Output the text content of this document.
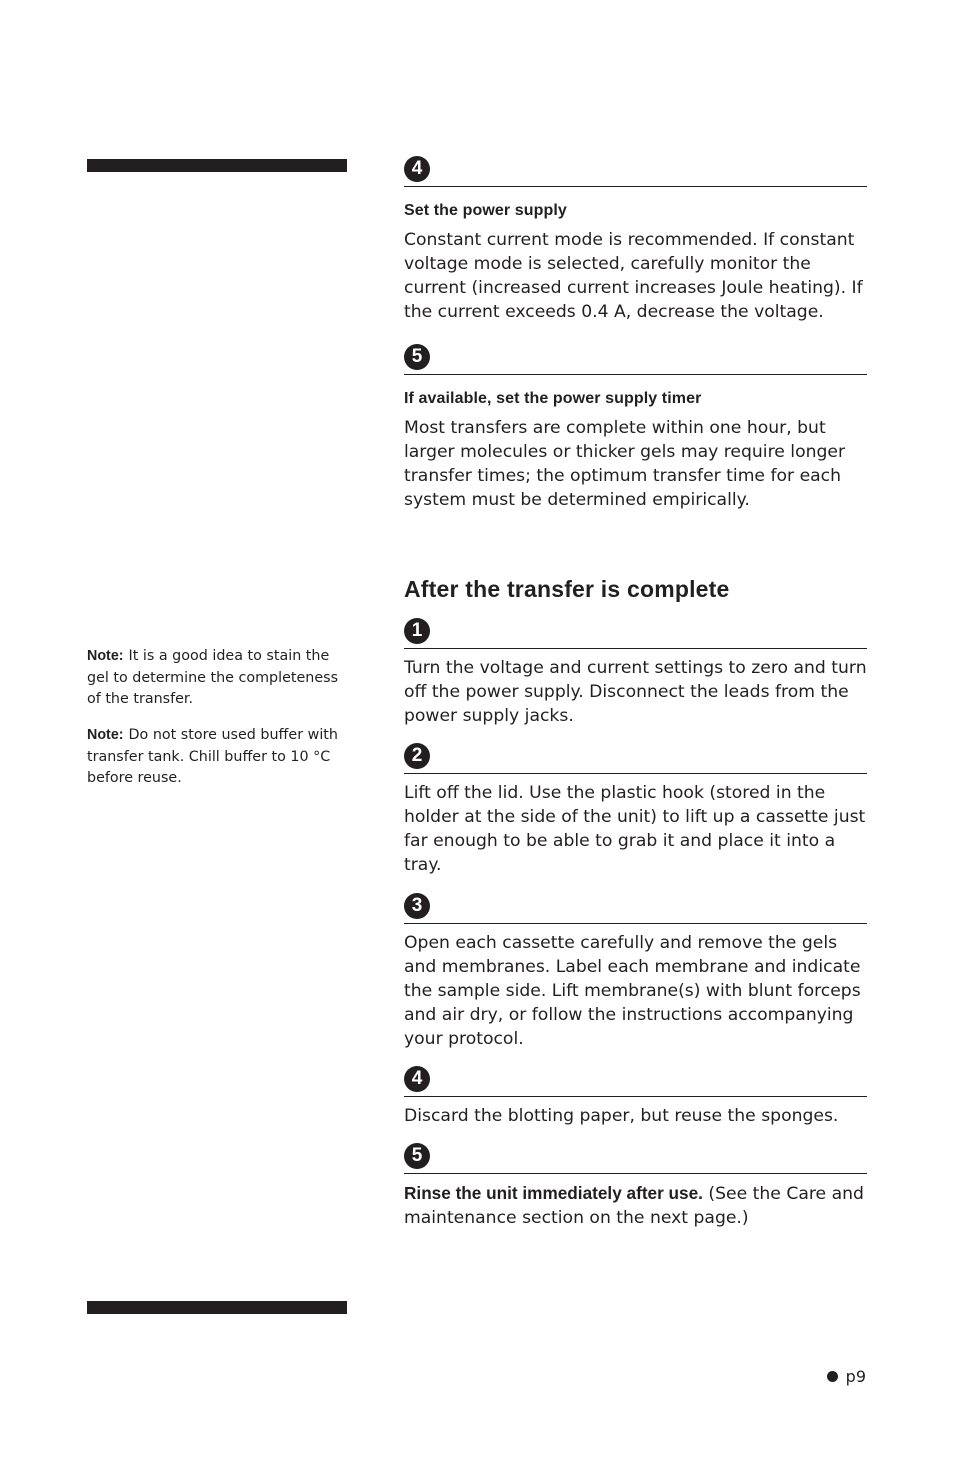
4

Set the power supply

Constant current mode is recommended. If constant voltage mode is selected, carefully monitor the current (increased current increases Joule heating). If the current exceeds 0.4 A, decrease the voltage.

5

If available, set the power supply timer

Most transfers are complete within one hour, but larger molecules or thicker gels may require longer transfer times; the optimum transfer time for each system must be determined empirically.

After the transfer is complete
1

Turn the voltage and current settings to zero and turn off the power supply. Disconnect the leads from the power supply jacks.

2

Lift off the lid. Use the plastic hook (stored in the holder at the side of the unit) to lift up a cassette just far enough to be able to grab it and place it into a tray.

3

Open each cassette carefully and remove the gels and membranes. Label each membrane and indicate the sample side. Lift membrane(s) with blunt forceps and air dry, or follow the instructions accompanying your protocol.

4

Discard the blotting paper, but reuse the sponges.

5

Rinse the unit immediately after use. (See the Care and maintenance section on the next page.)

Note: It is a good idea to stain the gel to determine the completeness of the transfer.

Note: Do not store used buffer with transfer tank. Chill buffer to 10 °C before reuse.

p9
